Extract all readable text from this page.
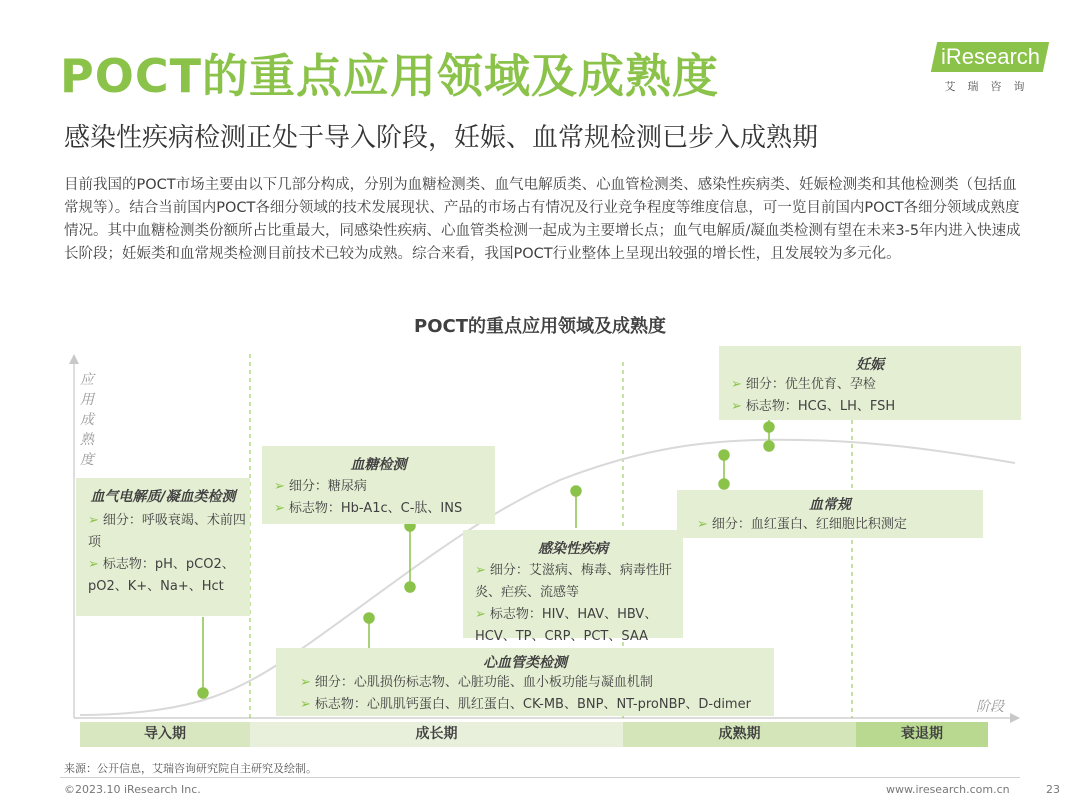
POCT的重点应用领域及成熟度
感染性疾病检测正处于导入阶段，妊娠、血常规检测已步入成熟期
iResearch
艾瑞咨询
目前我国的POCT市场主要由以下几部分构成，分别为血糖检测类、血气电解质类、心血管检测类、感染性疾病类、妊娠检测类和其他检测类（包括血常规等）。结合当前国内POCT各细分领域的技术发展现状、产品的市场占有情况及行业竞争程度等维度信息，可一览目前国内POCT各细分领域成熟度情况。其中血糖检测类份额所占比重最大，同感染性疾病、心血管类检测一起成为主要增长点；血气电解质/凝血类检测有望在未来3-5年内进入快速成长阶段；妊娠类和血常规类检测目前技术已较为成熟。综合来看，我国POCT行业整体上呈现出较强的增长性，且发展较为多元化。
POCT的重点应用领域及成熟度
导入期	成长期	成熟期	衰退期
应用成熟度
阶段
血气电解质/凝血类检测
➢ 细分：呼吸衰竭、术前四项
➢ 标志物：pH、pCO2、pO2、K+、Na+、Hct
血糖检测
➢ 细分：糖尿病
➢ 标志物：Hb-A1c、C-肽、INS
感染性疾病
➢ 细分：艾滋病、梅毒、病毒性肝炎、疟疾、流感等
➢ 标志物：HIV、HAV、HBV、HCV、TP、CRP、PCT、SAA
心血管类检测
➢ 细分：心肌损伤标志物、心脏功能、血小板功能与凝血机制
➢ 标志物：心肌肌钙蛋白、肌红蛋白、CK-MB、BNP、NT-proNBP、D-dimer
妊娠
➢ 细分：优生优育、孕检
➢ 标志物：HCG、LH、FSH
血常规
➢ 细分：血红蛋白、红细胞比积测定
来源：公开信息，艾瑞咨询研究院自主研究及绘制。
©2023.10 iResearch Inc.	www.iresearch.com.cn	23
